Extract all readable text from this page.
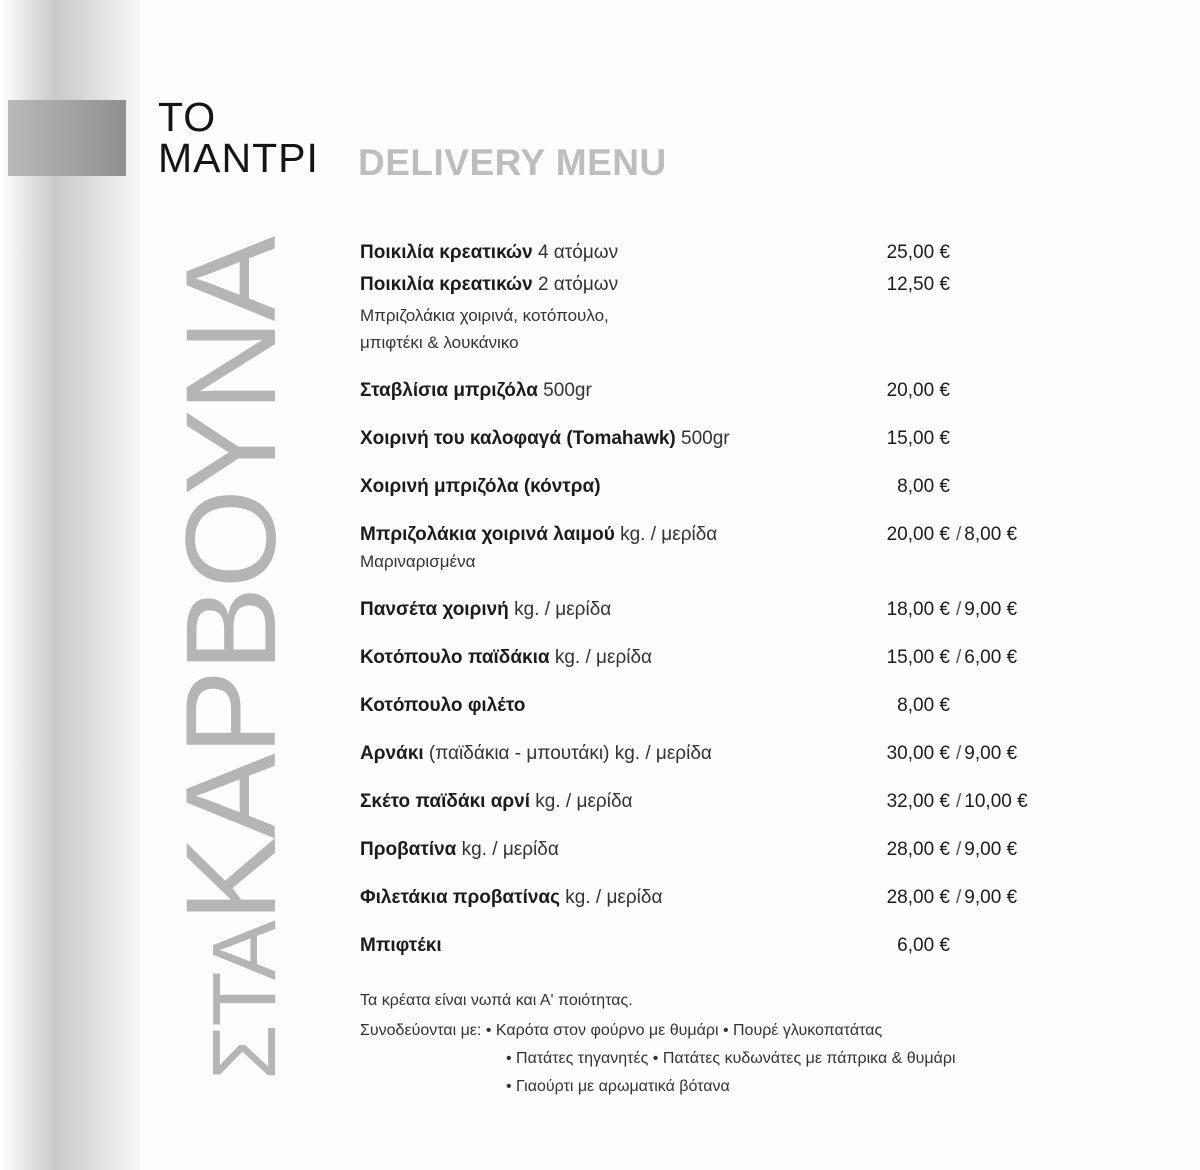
ΤΟ
ΜΑΝΤΡΙ DELIVERY MENU
ΣΤΑΚΑΡΒΟΥΝΑ	Ποικιλία κρεατικών 4 ατόμων	25,00 €
Ποικιλία κρεατικών 2 ατόμων	12,50 €
Μπριζολάκια χοιρινά, κοτόπουλο,
μπιφτέκι & λουκάνικο
Σταβλίσια μπριζόλα 500gr	20,00 €
Χοιρινή του καλοφαγά (Tomahawk) 500gr	15,00 €
Χοιρινή μπριζόλα (κόντρα)	8,00 €
Μπριζολάκια χοιρινά λαιμού kg. / μερίδα	20,00 € / 8,00 €
Μαριναρισμένα
Πανσέτα χοιρινή kg. / μερίδα	18,00 € / 9,00 €
Κοτόπουλο παϊδάκια kg. / μερίδα	15,00 € / 6,00 €
Κοτόπουλο φιλέτο	8,00 €
Αρνάκι (παϊδάκια - μπουτάκι) kg. / μερίδα	30,00 € / 9,00 €
Σκέτο παϊδάκι αρνί kg. / μερίδα	32,00 € / 10,00 €
Προβατίνα kg. / μερίδα	28,00 € / 9,00 €
Φιλετάκια προβατίνας kg. / μερίδα	28,00 € / 9,00 €
Μπιφτέκι	6,00 €
Τα κρέατα είναι νωπά και Α' ποιότητας.
Συνοδεύονται με: • Καρότα στον φούρνο με θυμάρι • Πουρέ γλυκοπατάτας
• Πατάτες τηγανητές • Πατάτες κυδωνάτες με πάπρικα & θυμάρι
• Γιαούρτι με αρωματικά βότανα
